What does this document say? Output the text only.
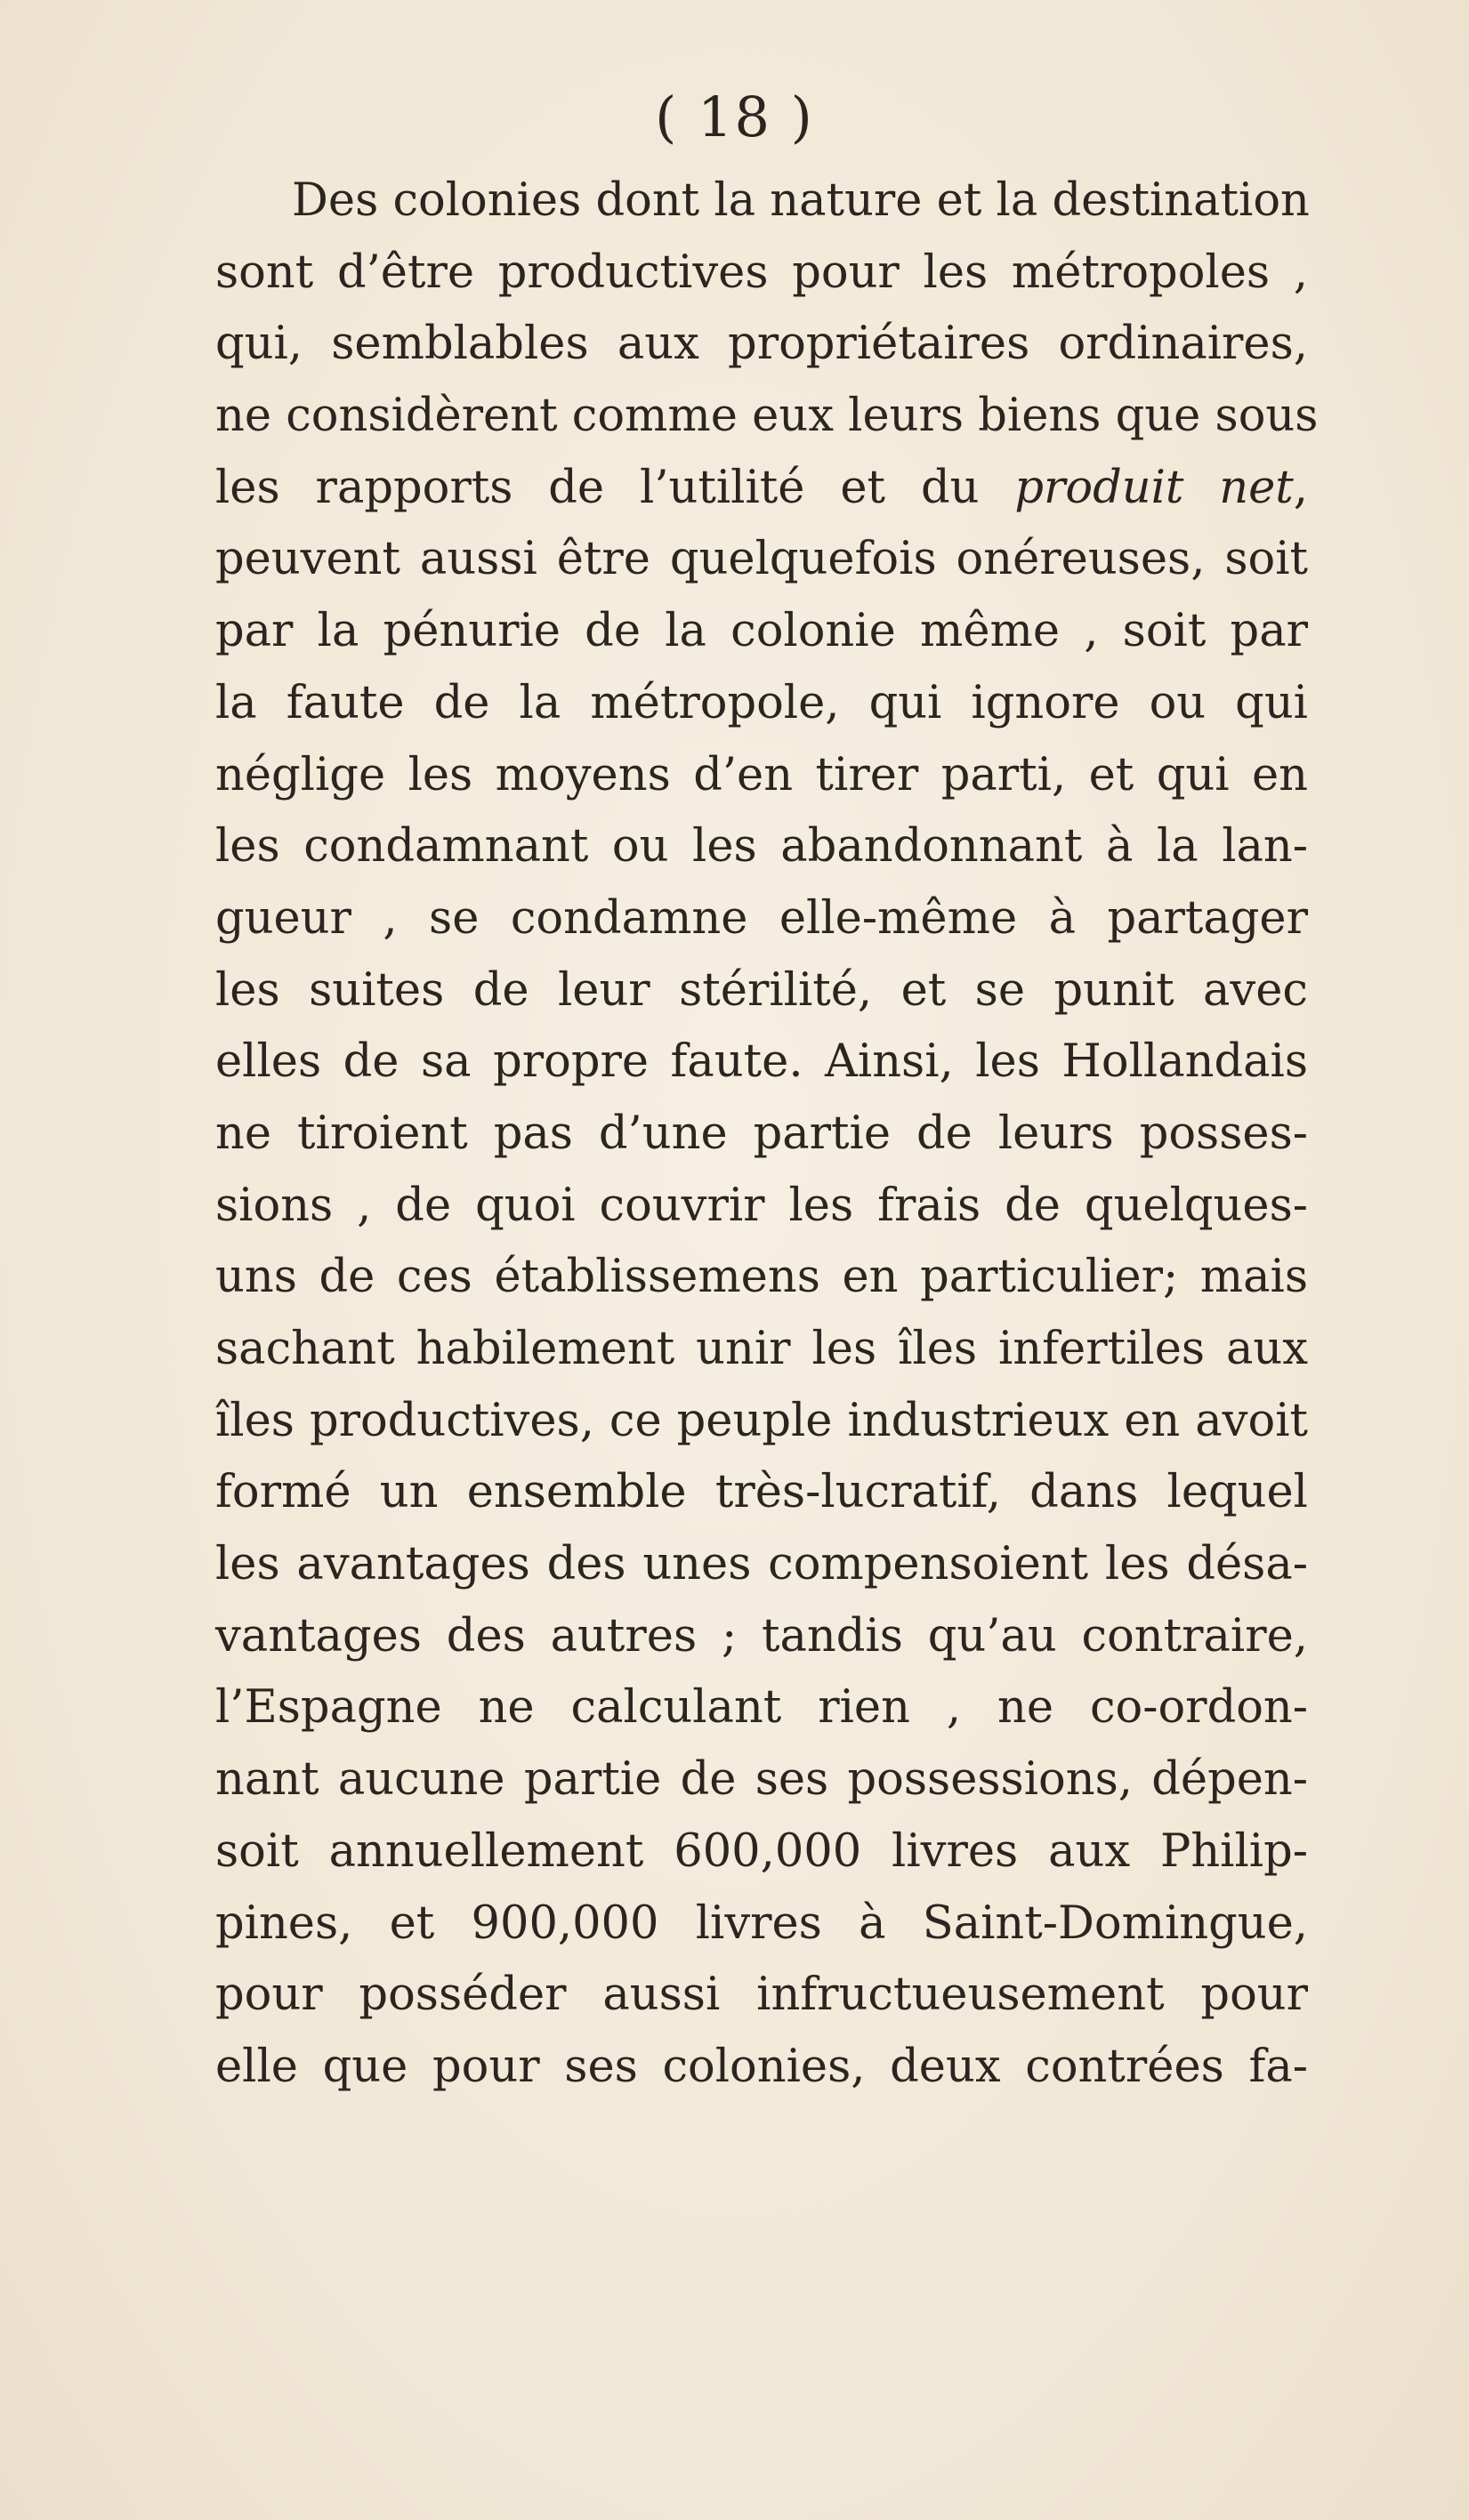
( 18 )
Des colonies dont la nature et la destination
sont d’être productives pour les métropoles ,
qui, semblables aux propriétaires ordinaires,
ne considèrent comme eux leurs biens que sous
les rapports de l’utilité et du produit net,
peuvent aussi être quelquefois onéreuses, soit
par la pénurie de la colonie même , soit par
la faute de la métropole, qui ignore ou qui
néglige les moyens d’en tirer parti, et qui en
les condamnant ou les abandonnant à la lan-
gueur , se condamne elle-même à partager
les suites de leur stérilité, et se punit avec
elles de sa propre faute. Ainsi, les Hollandais
ne tiroient pas d’une partie de leurs posses-
sions , de quoi couvrir les frais de quelques-
uns de ces établissemens en particulier; mais
sachant habilement unir les îles infertiles aux
îles productives, ce peuple industrieux en avoit
formé un ensemble très-lucratif, dans lequel
les avantages des unes compensoient les désa-
vantages des autres ; tandis qu’au contraire,
l’Espagne ne calculant rien , ne co-ordon-
nant aucune partie de ses possessions, dépen-
soit annuellement 600,000 livres aux Philip-
pines, et 900,000 livres à Saint-Domingue,
pour posséder aussi infructueusement pour
elle que pour ses colonies, deux contrées fa-
